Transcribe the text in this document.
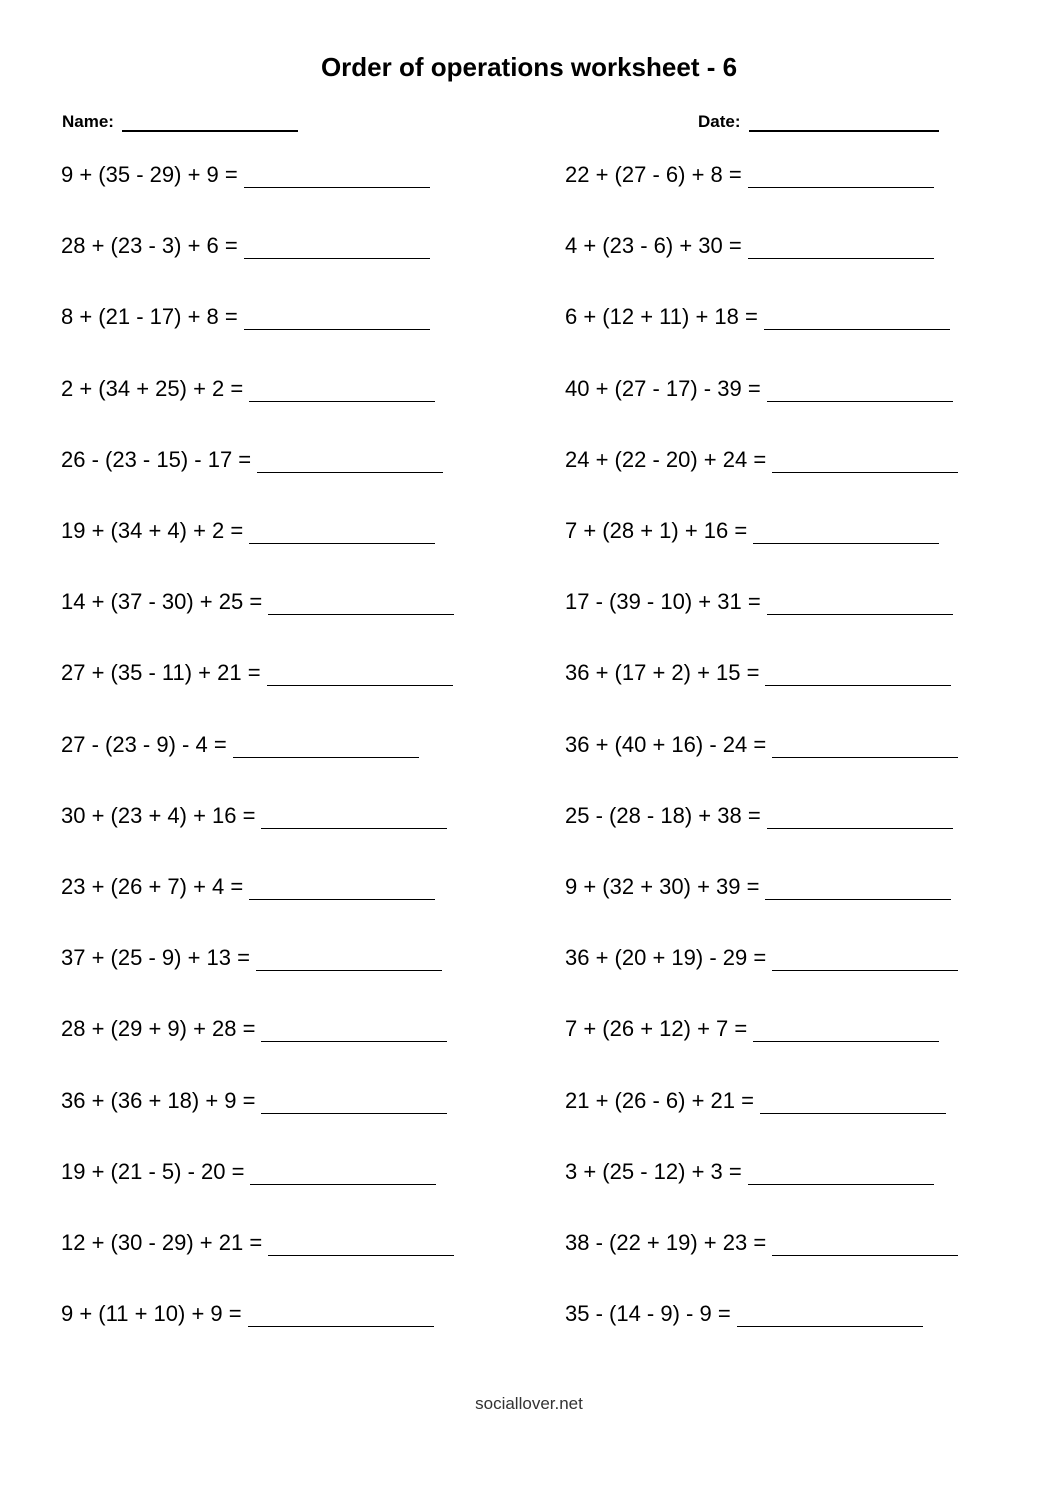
Order of operations worksheet - 6
Name:	Date:
9 + (35 - 29) + 9 =
28 + (23 - 3) + 6 =
8 + (21 - 17) + 8 =
2 + (34 + 25) + 2 =
26 - (23 - 15) - 17 =
19 + (34 + 4) + 2 =
14 + (37 - 30) + 25 =
27 + (35 - 11) + 21 =
27 - (23 - 9) - 4 =
30 + (23 + 4) + 16 =
23 + (26 + 7) + 4 =
37 + (25 - 9) + 13 =
28 + (29 + 9) + 28 =
36 + (36 + 18) + 9 =
19 + (21 - 5) - 20 =
12 + (30 - 29) + 21 =
9 + (11 + 10) + 9 =
22 + (27 - 6) + 8 =
4 + (23 - 6) + 30 =
6 + (12 + 11) + 18 =
40 + (27 - 17) - 39 =
24 + (22 - 20) + 24 =
7 + (28 + 1) + 16 =
17 - (39 - 10) + 31 =
36 + (17 + 2) + 15 =
36 + (40 + 16) - 24 =
25 - (28 - 18) + 38 =
9 + (32 + 30) + 39 =
36 + (20 + 19) - 29 =
7 + (26 + 12) + 7 =
21 + (26 - 6) + 21 =
3 + (25 - 12) + 3 =
38 - (22 + 19) + 23 =
35 - (14 - 9) - 9 =
sociallover.net
